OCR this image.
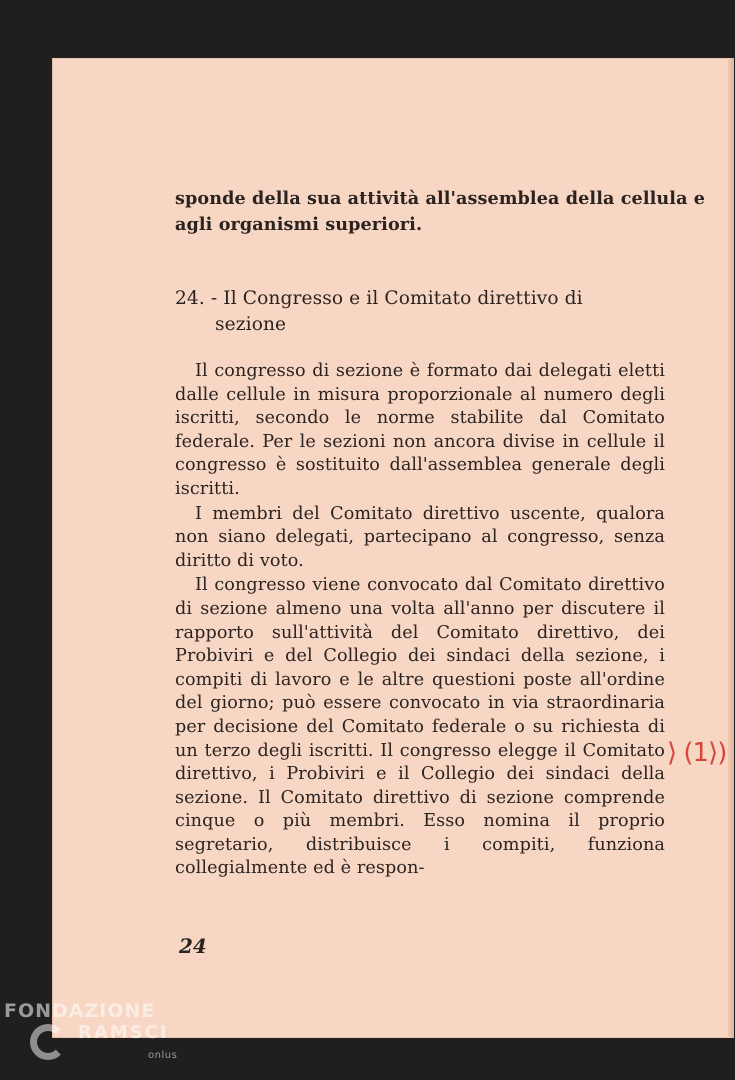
sponde della sua attività all'assemblea della cellula e agli organismi superiori.
24. - Il Congresso e il Comitato direttivo di
sezione

Il congresso di sezione è formato dai delegati eletti dalle cellule in misura proporzionale al numero degli iscritti, secondo le norme stabilite dal Comitato federale. Per le sezioni non ancora divise in cellule il congresso è sostituito dall'assemblea generale degli iscritti.

I membri del Comitato direttivo uscente, qualora non siano delegati, partecipano al congresso, senza diritto di voto.

Il congresso viene convocato dal Comitato direttivo di sezione almeno una volta all'anno per discutere il rapporto sull'attività del Comitato direttivo, dei Probiviri e del Collegio dei sindaci della sezione, i compiti di lavoro e le altre questioni poste all'ordine del giorno; può essere convocato in via straordinaria per decisione del Comitato federale o su richiesta di un terzo degli iscritti. Il congresso elegge il Comitato direttivo, i Probiviri e il Collegio dei sindaci della sezione. Il Comitato direttivo di sezione comprende cinque o più membri. Esso nomina il proprio segretario, distribuisce i compiti, funziona collegialmente ed è respon-

24
⟩ (1⟩)
FONDAZIONE
RAMSCI
onlus
